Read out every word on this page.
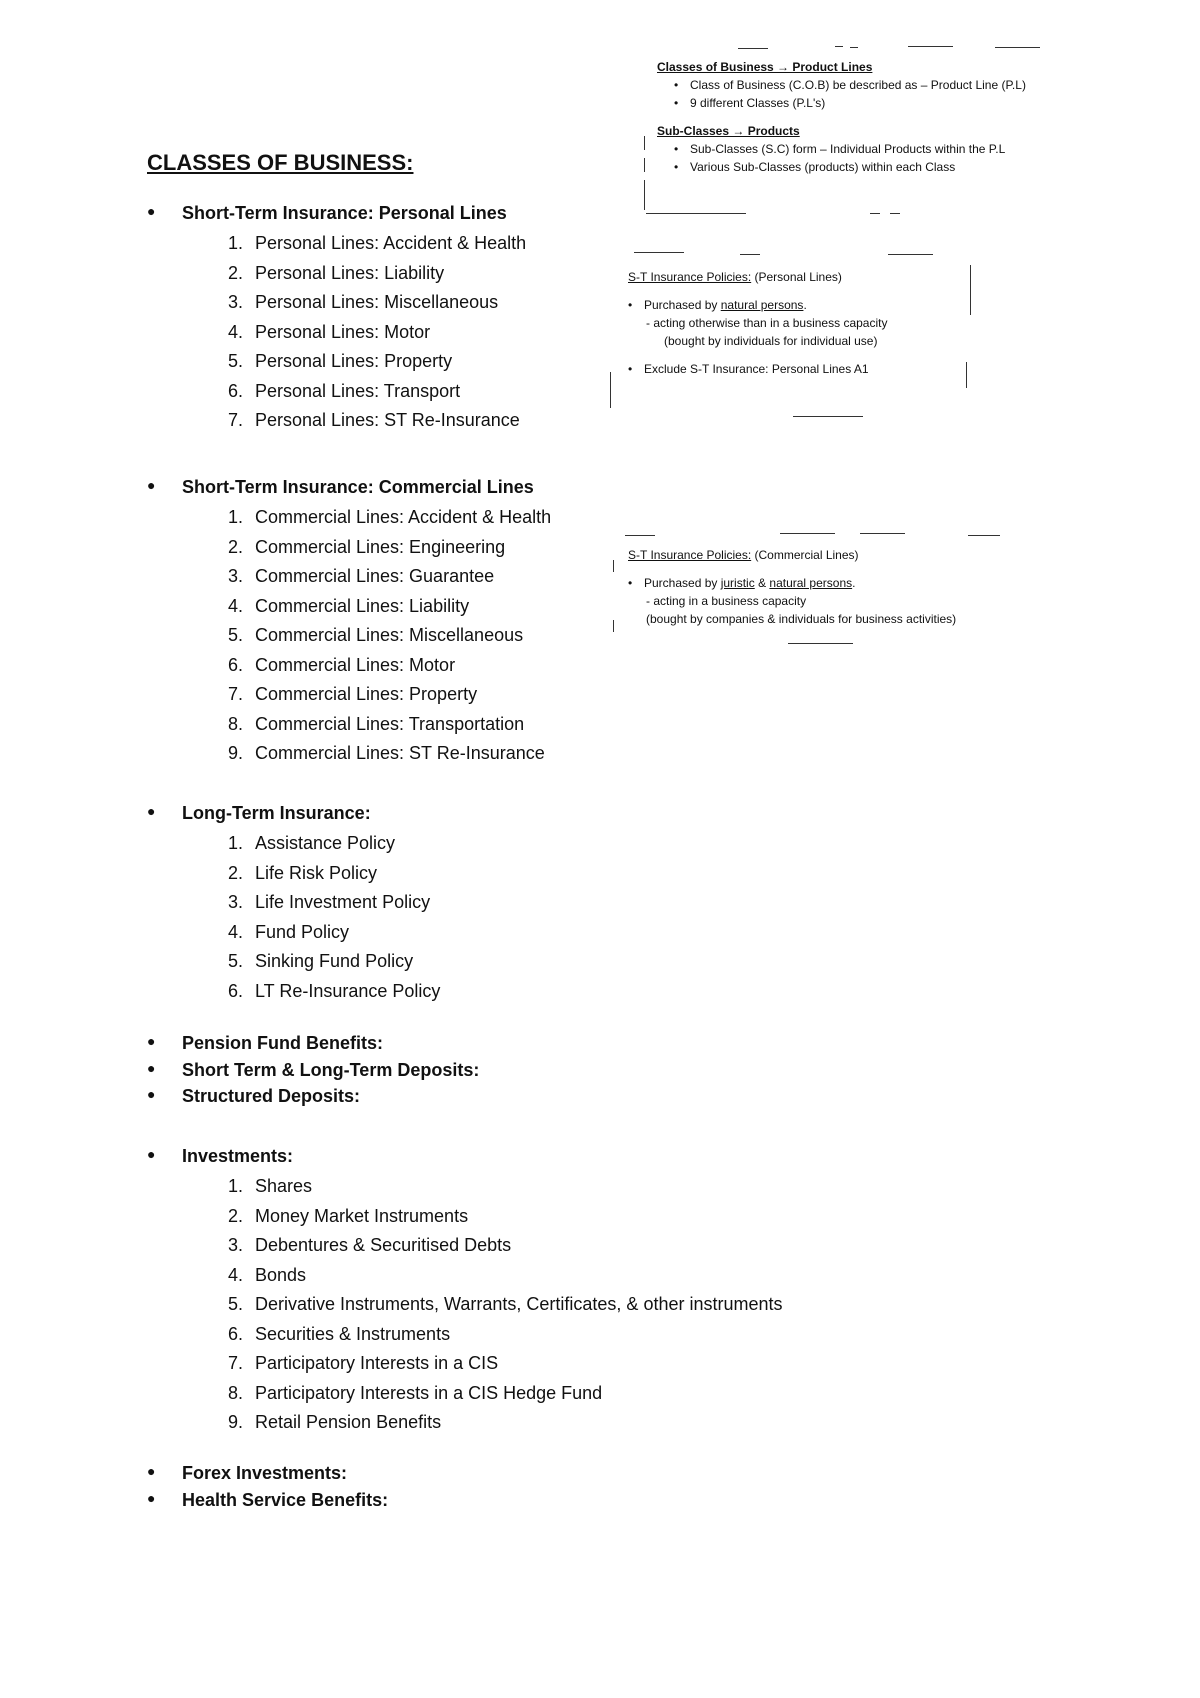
CLASSES OF BUSINESS:
● Short-Term Insurance: Personal Lines
1. Personal Lines: Accident & Health
2. Personal Lines: Liability
3. Personal Lines: Miscellaneous
4. Personal Lines: Motor
5. Personal Lines: Property
6. Personal Lines: Transport
7. Personal Lines: ST Re-Insurance
● Short-Term Insurance: Commercial Lines
1. Commercial Lines: Accident & Health
2. Commercial Lines: Engineering
3. Commercial Lines: Guarantee
4. Commercial Lines: Liability
5. Commercial Lines: Miscellaneous
6. Commercial Lines: Motor
7. Commercial Lines: Property
8. Commercial Lines: Transportation
9. Commercial Lines: ST Re-Insurance
● Long-Term Insurance:
1. Assistance Policy
2. Life Risk Policy
3. Life Investment Policy
4. Fund Policy
5. Sinking Fund Policy
6. LT Re-Insurance Policy
● Pension Fund Benefits:
● Short Term & Long-Term Deposits:
● Structured Deposits:
● Investments:
1. Shares
2. Money Market Instruments
3. Debentures & Securitised Debts
4. Bonds
5. Derivative Instruments, Warrants, Certificates, & other instruments
6. Securities & Instruments
7. Participatory Interests in a CIS
8. Participatory Interests in a CIS Hedge Fund
9. Retail Pension Benefits
● Forex Investments:
● Health Service Benefits:
Classes of Business → Product Lines
• Class of Business (C.O.B) be described as – Product Line (P.L)
• 9 different Classes (P.L's)
Sub-Classes → Products
• Sub-Classes (S.C) form – Individual Products within the P.L
• Various Sub-Classes (products) within each Class
S-T Insurance Policies: (Personal Lines)
• Purchased by natural persons.
- acting otherwise than in a business capacity
(bought by individuals for individual use)
• Exclude S-T Insurance: Personal Lines A1
S-T Insurance Policies: (Commercial Lines)
• Purchased by juristic & natural persons.
- acting in a business capacity
(bought by companies & individuals for business activities)
